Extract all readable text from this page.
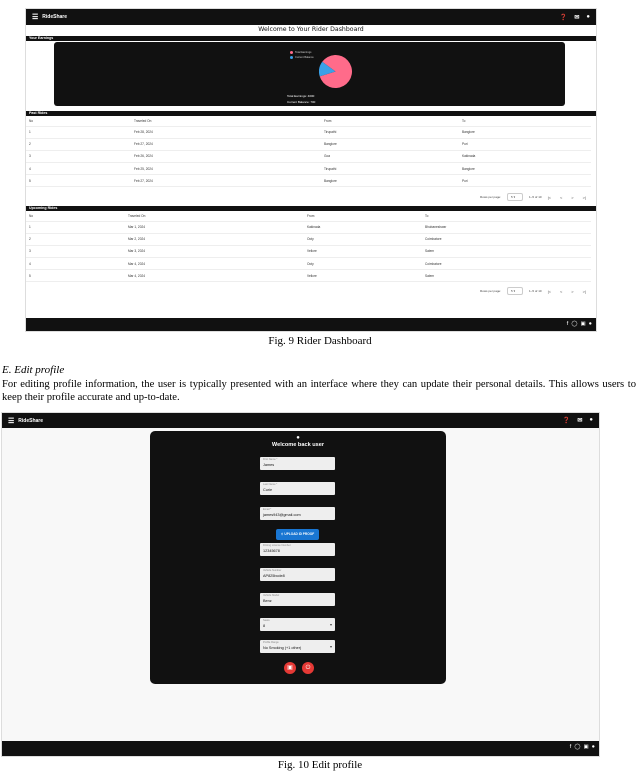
☰ RideShare	❓ ✉ ●
Welcome to Your Rider Dashboard
Your Earnings
Total Earnings
Current Balance
Total Earnings: 4000
Current Balance: 700
Past Rides
No	Traveled On	From	To
1	Feb 28, 2024	Tirupathi	Banglore
2	Feb 27, 2024	Banglore	Puri
3	Feb 26, 2024	Goa	Kakinada
4	Feb 25, 2024	Tirupathi	Banglore
5	Feb 27, 2024	Banglore	Puri
Rows per page:	5 ▾	1–5 of 10 |< < > >|
Upcoming Rides
No	Traveled On	From	To
1	Mar 1, 2024	Kakinada	Bhubaneshwar
2	Mar 2, 2024	Ooty	Coimbatore
3	Mar 3, 2024	Vellore	Salem
4	Mar 4, 2024	Ooty	Coimbatore
5	Mar 4, 2024	Vellore	Salem
Rows per page:	5 ▾	1–5 of 10 |< < > >|
f ◯ ▣ ●
Fig. 9 Rider Dashboard
E. Edit profile
For editing profile information, the user is typically presented with an interface where they can update their personal details. This allows users to keep their profile accurate and up-to-date.
☰ RideShare	❓ ✉ ●
●
Welcome back user
First Name *
James
Last Name *
Curie
Email *
james943@gmail.com
⇧ UPLOAD ID PROOF
Driving License Number
12345678
Vehicle Number
AP825bcde8
Vehicle Model
Benz
Seats
8	▾
Profile Range
No Smoking (+1 other)	▾
▣	⏻
f ◯ ▣ ●
Fig. 10 Edit profile
